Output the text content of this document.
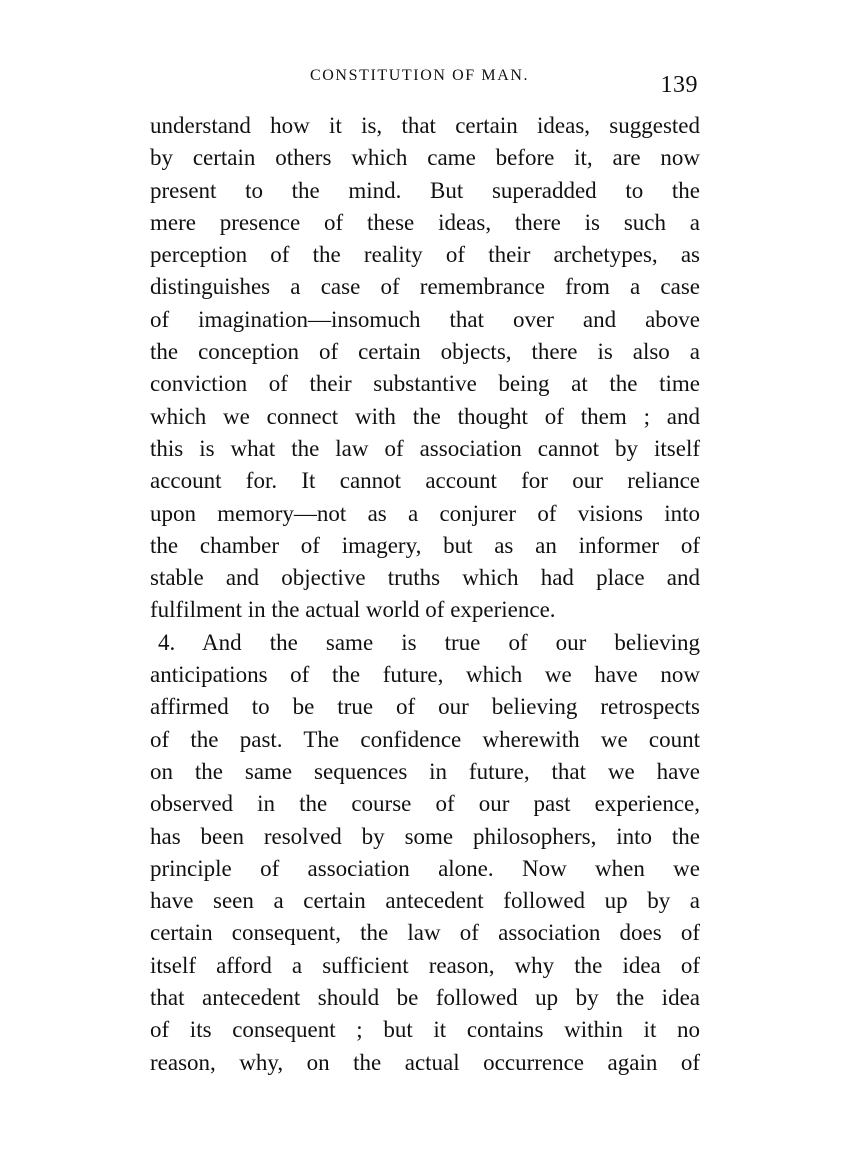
CONSTITUTION OF MAN.	139
understand how it is, that certain ideas, suggested
by certain others which came before it, are now
present to the mind. But superadded to the
mere presence of these ideas, there is such a
perception of the reality of their archetypes, as
distinguishes a case of remembrance from a case
of imagination—insomuch that over and above
the conception of certain objects, there is also a
conviction of their substantive being at the time
which we connect with the thought of them ; and
this is what the law of association cannot by itself
account for. It cannot account for our reliance
upon memory—not as a conjurer of visions into
the chamber of imagery, but as an informer of
stable and objective truths which had place and
fulfilment in the actual world of experience.
4. And the same is true of our believing
anticipations of the future, which we have now
affirmed to be true of our believing retrospects
of the past. The confidence wherewith we count
on the same sequences in future, that we have
observed in the course of our past experience,
has been resolved by some philosophers, into the
principle of association alone. Now when we
have seen a certain antecedent followed up by a
certain consequent, the law of association does of
itself afford a sufficient reason, why the idea of
that antecedent should be followed up by the idea
of its consequent ; but it contains within it no
reason, why, on the actual occurrence again of
